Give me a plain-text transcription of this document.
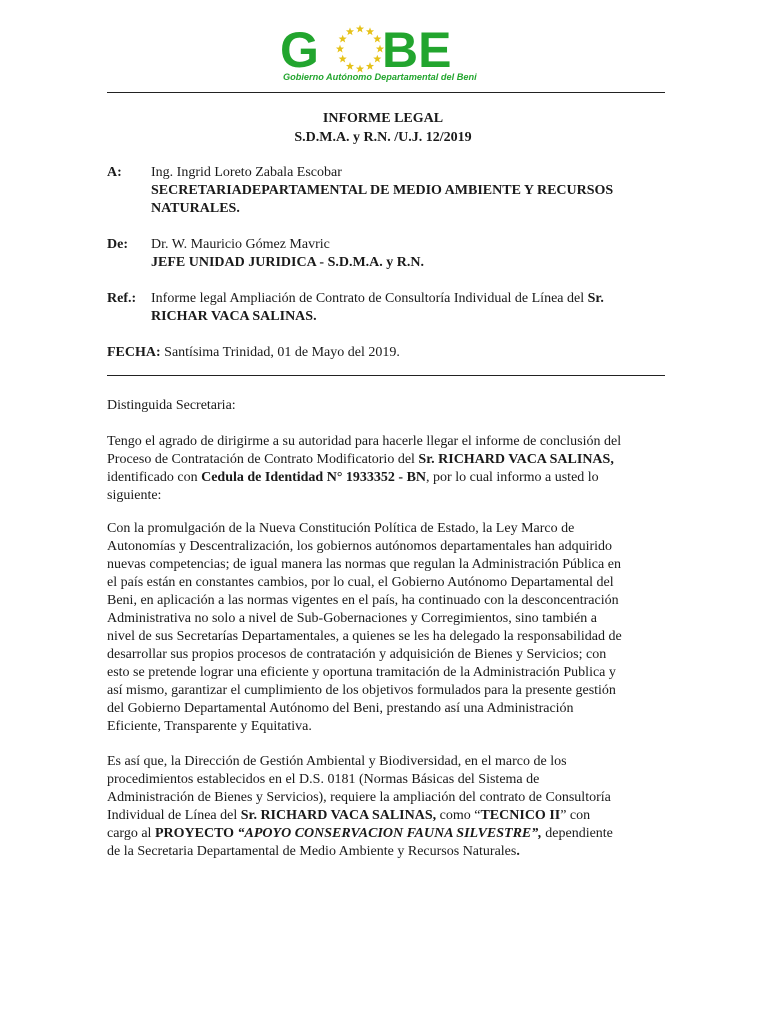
G BE
Gobierno Autónomo Departamental del Beni
INFORME LEGAL
S.D.M.A. y R.N. /U.J. 12/2019
A: Ing. Ingrid Loreto Zabala Escobar
SECRETARIADEPARTAMENTAL DE MEDIO AMBIENTE Y RECURSOS
NATURALES.
De: Dr. W. Mauricio Gómez Mavric
JEFE UNIDAD JURIDICA - S.D.M.A. y R.N.
Ref.: Informe legal Ampliación de Contrato de Consultoría Individual de Línea del Sr.
RICHAR VACA SALINAS.
FECHA: Santísima Trinidad, 01 de Mayo del 2019.
Distinguida Secretaria:
Tengo el agrado de dirigirme a su autoridad para hacerle llegar el informe de conclusión del
Proceso de Contratación de Contrato Modificatorio del Sr. RICHARD VACA SALINAS,
identificado con Cedula de Identidad N° 1933352 - BN, por lo cual informo a usted lo
siguiente:
Con la promulgación de la Nueva Constitución Política de Estado, la Ley Marco de
Autonomías y Descentralización, los gobiernos autónomos departamentales han adquirido
nuevas competencias; de igual manera las normas que regulan la Administración Pública en
el país están en constantes cambios, por lo cual, el Gobierno Autónomo Departamental del
Beni, en aplicación a las normas vigentes en el país, ha continuado con la desconcentración
Administrativa no solo a nivel de Sub-Gobernaciones y Corregimientos, sino también a
nivel de sus Secretarías Departamentales, a quienes se les ha delegado la responsabilidad de
desarrollar sus propios procesos de contratación y adquisición de Bienes y Servicios; con
esto se pretende lograr una eficiente y oportuna tramitación de la Administración Publica y
así mismo, garantizar el cumplimiento de los objetivos formulados para la presente gestión
del Gobierno Departamental Autónomo del Beni, prestando así una Administración
Eficiente, Transparente y Equitativa.
Es así que, la Dirección de Gestión Ambiental y Biodiversidad, en el marco de los
procedimientos establecidos en el D.S. 0181 (Normas Básicas del Sistema de
Administración de Bienes y Servicios), requiere la ampliación del contrato de Consultoría
Individual de Línea del Sr. RICHARD VACA SALINAS, como “TECNICO II” con
cargo al PROYECTO “APOYO CONSERVACION FAUNA SILVESTRE”, dependiente
de la Secretaria Departamental de Medio Ambiente y Recursos Naturales.
